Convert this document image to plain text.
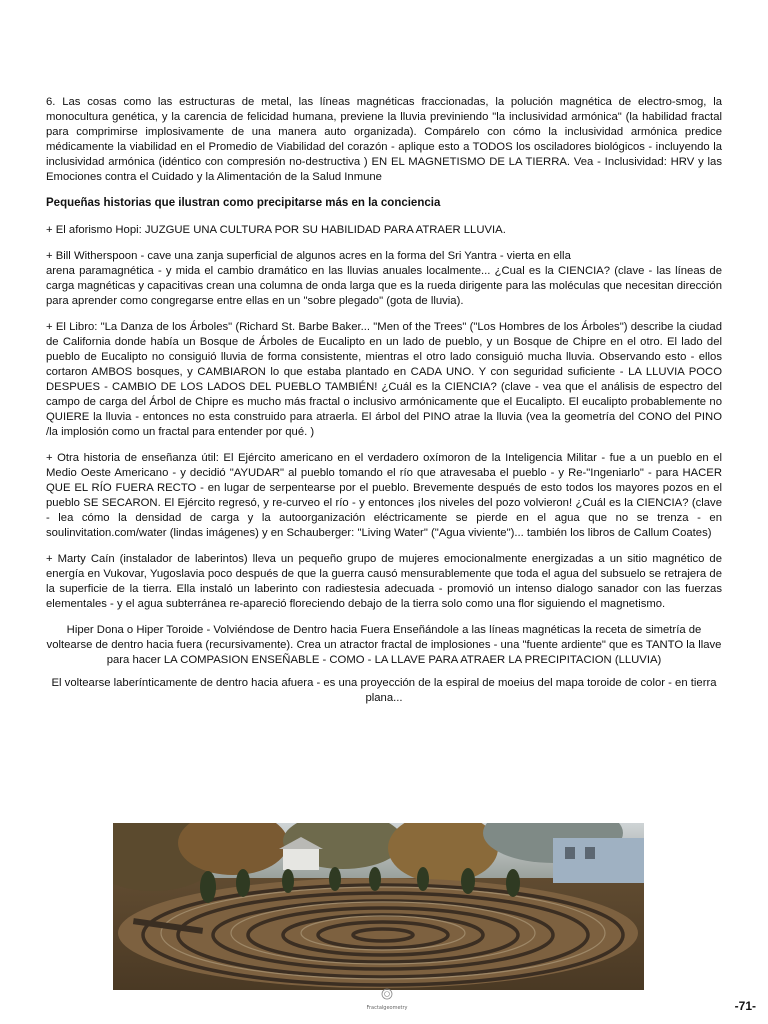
6. Las cosas como las estructuras de metal, las líneas magnéticas fraccionadas, la polución magnética de electro-smog, la monocultura genética, y la carencia de felicidad humana, previene la lluvia previniendo "la inclusividad armónica" (la habilidad fractal para comprimirse implosivamente de una manera auto organizada). Compárelo con cómo la inclusividad armónica predice médicamente la viabilidad en el Promedio de Viabilidad del corazón - aplique esto a TODOS los osciladores biológicos - incluyendo la inclusividad armónica (idéntico con compresión no-destructiva ) EN EL MAGNETISMO DE LA TIERRA. Vea - Inclusividad: HRV y las Emociones contra el Cuidado y la Alimentación de la Salud Inmune

Pequeñas historias que ilustran como precipitarse más en la conciencia

+ El aforismo Hopi: JUZGUE UNA CULTURA POR SU HABILIDAD PARA ATRAER LLUVIA.

+ Bill Witherspoon - cave una zanja superficial de algunos acres en la forma del Sri Yantra - vierta en ella

arena paramagnética - y mida el cambio dramático en las lluvias anuales localmente... ¿Cual es la CIENCIA? (clave - las líneas de carga magnéticas y capacitivas crean una columna de onda larga que es la rueda dirigente para las moléculas que necesitan dirección para aprender como congregarse entre ellas en un "sobre plegado" (gota de lluvia).

+ El Libro: "La Danza de los Árboles" (Richard St. Barbe Baker... "Men of the Trees" ("Los Hombres de los Árboles") describe la ciudad de California donde había un Bosque de Árboles de Eucalipto en un lado de pueblo, y un Bosque de Chipre en el otro. El lado del pueblo de Eucalipto no consiguió lluvia de forma consistente, mientras el otro lado consiguió mucha lluvia. Observando esto - ellos cortaron AMBOS bosques, y CAMBIARON lo que estaba plantado en CADA UNO. Y con seguridad suficiente - LA LLUVIA POCO DESPUES - CAMBIO DE LOS LADOS DEL PUEBLO TAMBIÉN! ¿Cuál es la CIENCIA? (clave - vea que el análisis de espectro del campo de carga del Árbol de Chipre es mucho más fractal o inclusivo armónicamente que el Eucalipto. El eucalipto probablemente no QUIERE la lluvia - entonces no esta construido para atraerla. El árbol del PINO atrae la lluvia (vea la geometría del CONO del PINO /la implosión como un fractal para entender por qué. )

+ Otra historia de enseñanza útil: El Ejército americano en el verdadero oxímoron de la Inteligencia Militar - fue a un pueblo en el Medio Oeste Americano - y decidió "AYUDAR" al pueblo tomando el río que atravesaba el pueblo - y Re-"Ingeniarlo" - para HACER QUE EL RÍO FUERA RECTO - en lugar de serpentearse por el pueblo. Brevemente después de esto todos los mayores pozos en el pueblo SE SECARON. El Ejército regresó, y re-curveo el río - y entonces ¡los niveles del pozo volvieron! ¿Cuál es la CIENCIA? (clave - lea cómo la densidad de carga y la autoorganización eléctricamente se pierde en el agua que no se trenza - en soulinvitation.com/water (lindas imágenes) y en Schauberger: "Living Water" ("Agua viviente")... también los libros de Callum Coates)

+ Marty Caín (instalador de laberintos) lleva un pequeño grupo de mujeres emocionalmente energizadas a un sitio magnético de energía en Vukovar, Yugoslavia poco después de que la guerra causó mensurablemente que toda el agua del subsuelo se retrajera de la superficie de la tierra. Ella instaló un laberinto con radiestesia adecuada - promovió un intenso dialogo sanador con las fuerzas elementales - y el agua subterránea re-apareció floreciendo debajo de la tierra solo como una flor siguiendo el magnetismo.

Hiper Dona o Hiper Toroide - Volviéndose de Dentro hacia Fuera Enseñándole a las líneas magnéticas la receta de simetría de voltearse de dentro hacia fuera (recursivamente). Crea un atractor fractal de implosiones - una "fuente ardiente" que es TANTO la llave para hacer LA COMPASION ENSEÑABLE - COMO - LA LLAVE PARA ATRAER LA PRECIPITACION (LLUVIA)

El voltearse laberínticamente de dentro hacia afuera - es una proyección de la espiral de moeius del mapa toroide de color - en tierra plana...

Fractalgeometry	-71-
